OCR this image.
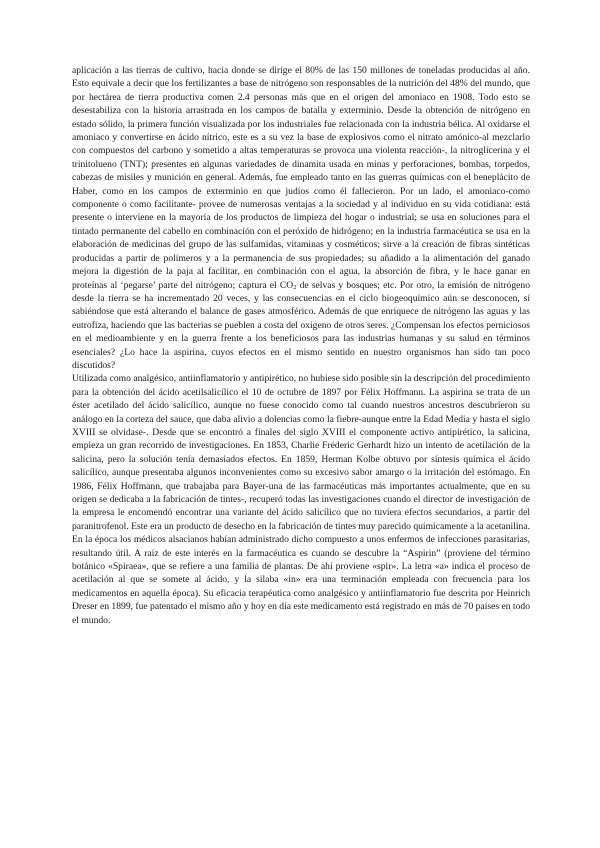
aplicación a las tierras de cultivo, hacia donde se dirige el 80% de las 150 millones de toneladas producidas al año. Esto equivale a decir que los fertilizantes a base de nitrógeno son responsables de la nutrición del 48% del mundo, que por hectárea de tierra productiva comen 2.4 personas más que en el origen del amoniaco en 1908. Todo esto se desestabiliza con la historia arrastrada en los campos de batalla y exterminio. Desde la obtención de nitrógeno en estado sólido, la primera función visualizada por los industriales fue relacionada con la industria bélica. Al oxidarse el amoniaco y convertirse en ácido nítrico, este es a su vez la base de explosivos como el nitrato amónico-al mezclarlo con compuestos del carbono y sometido a altas temperaturas se provoca una violenta reacción-, la nitroglicerina y el trinitolueno (TNT); presentes en algunas variedades de dinamita usada en minas y perforaciones, bombas, torpedos, cabezas de misiles y munición en general. Además, fue empleado tanto en las guerras químicas con el beneplácito de Haber, como en los campos de exterminio en que judíos como él fallecieron. Por un lado, el amoniaco-como componente o como facilitante- provee de numerosas ventajas a la sociedad y al individuo en su vida cotidiana: está presente o interviene en la mayoría de los productos de limpieza del hogar o industrial; se usa en soluciones para el tintado permanente del cabello en combinación con el peróxido de hidrógeno; en la industria farmacéutica se usa en la elaboración de medicinas del grupo de las sulfamidas, vitaminas y cosméticos; sirve a la creación de fibras sintéticas producidas a partir de polímeros y a la permanencia de sus propiedades; su añadido a la alimentación del ganado mejora la digestión de la paja al facilitar, en combinación con el agua, la absorción de fibra, y le hace ganar en proteínas al ‘pegarse’ parte del nitrógeno; captura el $CO_2$ de selvas y bosques; etc. Por otro, la emisión de nitrógeno desde la tierra se ha incrementado 20 veces, y las consecuencias en el ciclo biogeoquímico aún se desconocen, sí sabiéndose que está alterando el balance de gases atmosférico. Además de que enriquece de nitrógeno las aguas y las eutrofiza, haciendo que las bacterias se pueblen a costa del oxígeno de otros seres. ¿Compensan los efectos perniciosos en el medioambiente y en la guerra frente a los beneficiosos para las industrias humanas y su salud en términos esenciales? ¿Lo hace la aspirina, cuyos efectos en el mismo sentido en nuestro organismos han sido tan poco discutidos?

Utilizada como analgésico, antiinflamatorio y antipirético, no hubiese sido posible sin la descripción del procedimiento para la obtención del ácido acetilsalicílico el 10 de octubre de 1897 por Félix Hoffmann. La aspirina se trata de un éster acetilado del ácido salicílico, aunque no fuese conocido como tal cuando nuestros ancestros descubrieron su análogo en la corteza del sauce, que daba alivio a dolencias como la fiebre-aunque entre la Edad Media y hasta el siglo XVIII se olvidase-. Desde que se encontró a finales del siglo XVIII el componente activo antipirético, la salicina, empieza un gran recorrido de investigaciones. En 1853, Charlie Fréderic Gerhardt hizo un intento de acetilación de la salicina, pero la solución tenía demasiados efectos. En 1859, Herman Kolbe obtuvo por síntesis química el ácido salicílico, aunque presentaba algunos inconvenientes como su excesivo sabor amargo o la irritación del estómago. En 1986, Félix Hoffmann, que trabajaba para Bayer-una de las farmacéuticas más importantes actualmente, que en su origen se dedicaba a la fabricación de tintes-, recuperó todas las investigaciones cuando el director de investigación de la empresa le encomendó encontrar una variante del ácido salicílico que no tuviera efectos secundarios, a partir del paranitrofenol. Este era un producto de desecho en la fabricación de tintes muy parecido químicamente a la acetanilina. En la época los médicos alsacianos habían administrado dicho compuesto a unos enfermos de infecciones parasitarias, resultando útil. A raíz de este interés en la farmacéutica es cuando se descubre la “Aspirin” (proviene del término botánico «Spiraea», que se refiere a una familia de plantas. De ahí proviene «spir». La letra «a» indica el proceso de acetilación al que se somete al ácido, y la sílaba «in» era una terminación empleada con frecuencia para los medicamentos en aquella época). Su eficacia terapéutica como analgésico y antiinflamatorio fue descrita por Heinrich Dreser en 1899, fue patentado el mismo año y hoy en día este medicamento está registrado en más de 70 países en todo el mundo.
